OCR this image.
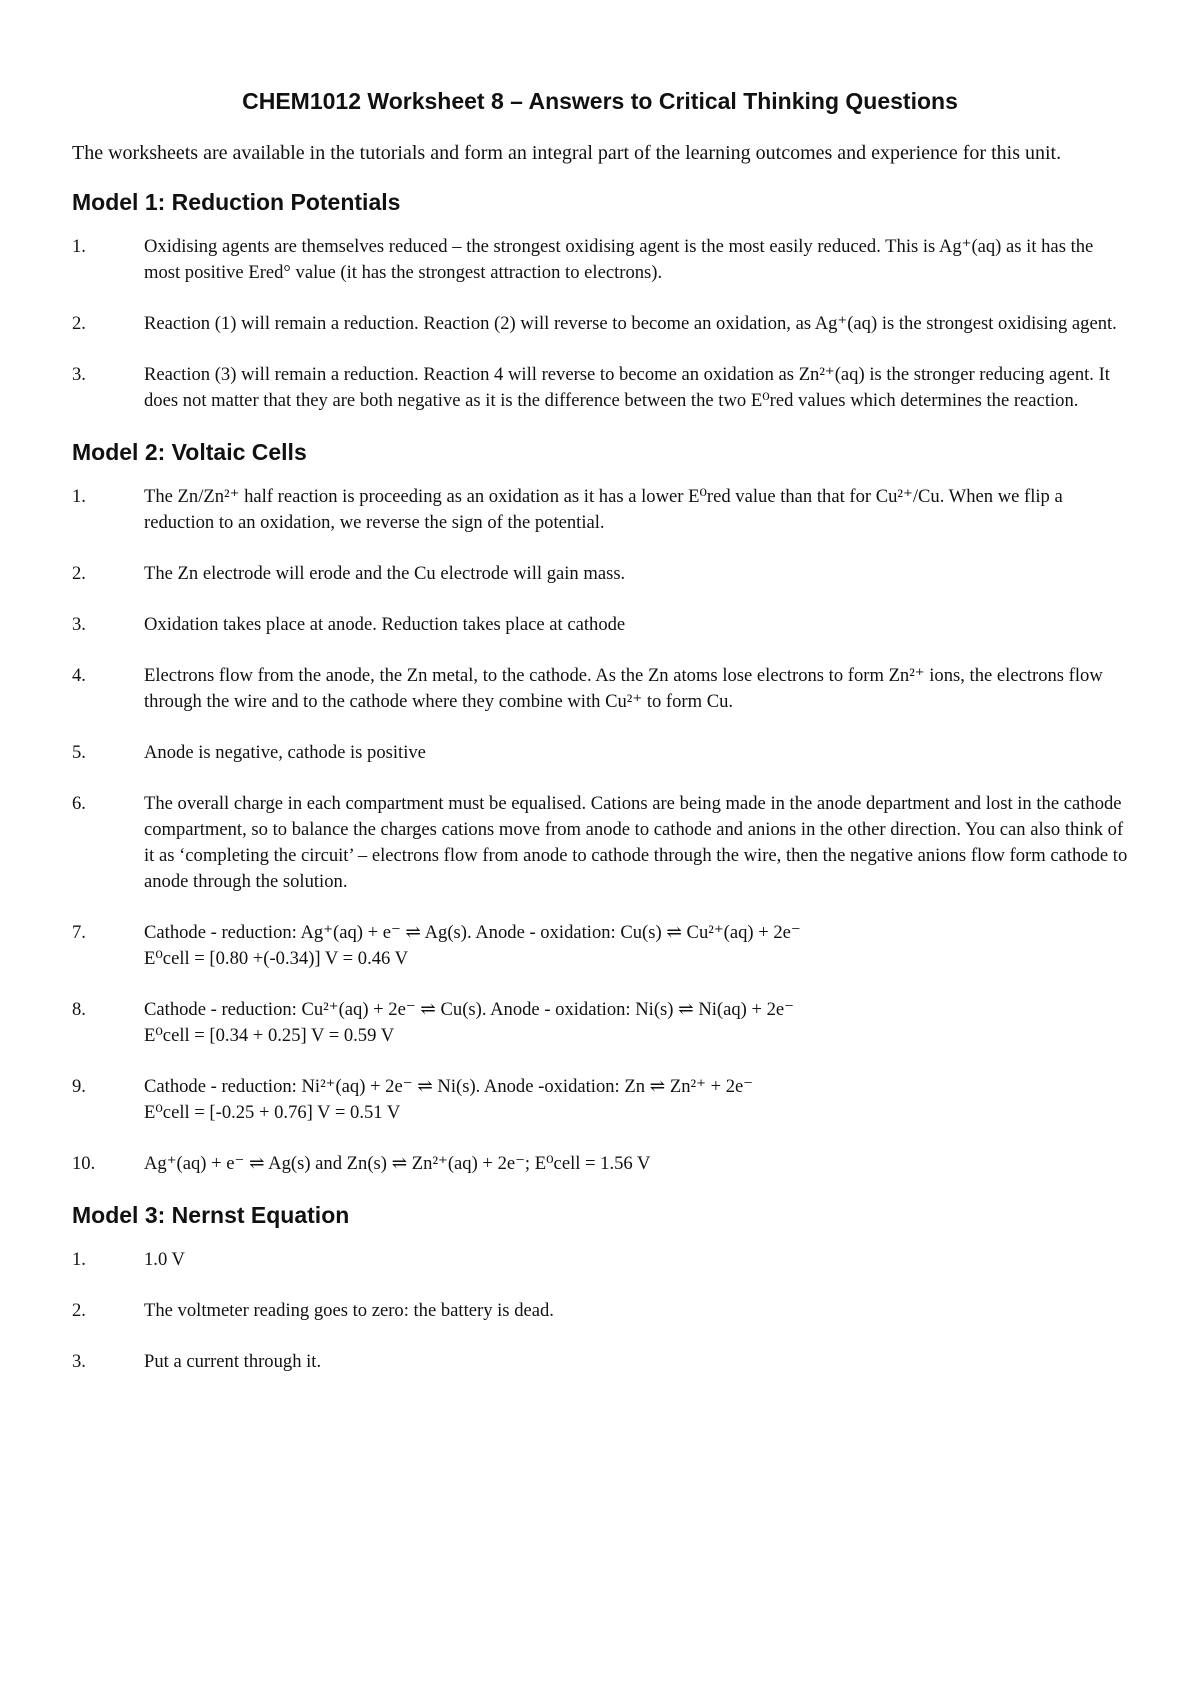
CHEM1012 Worksheet 8 – Answers to Critical Thinking Questions
The worksheets are available in the tutorials and form an integral part of the learning outcomes and experience for this unit.
Model 1: Reduction Potentials
1.	Oxidising agents are themselves reduced – the strongest oxidising agent is the most easily reduced. This is Ag⁺(aq) as it has the most positive Ered° value (it has the strongest attraction to electrons).
2.	Reaction (1) will remain a reduction. Reaction (2) will reverse to become an oxidation, as Ag⁺(aq) is the strongest oxidising agent.
3.	Reaction (3) will remain a reduction. Reaction 4 will reverse to become an oxidation as Zn²⁺(aq) is the stronger reducing agent. It does not matter that they are both negative as it is the difference between the two E⁰red values which determines the reaction.
Model 2: Voltaic Cells
1.	The Zn/Zn²⁺ half reaction is proceeding as an oxidation as it has a lower E⁰red value than that for Cu²⁺/Cu. When we flip a reduction to an oxidation, we reverse the sign of the potential.
2.	The Zn electrode will erode and the Cu electrode will gain mass.
3.	Oxidation takes place at anode. Reduction takes place at cathode
4.	Electrons flow from the anode, the Zn metal, to the cathode. As the Zn atoms lose electrons to form Zn²⁺ ions, the electrons flow through the wire and to the cathode where they combine with Cu²⁺ to form Cu.
5.	Anode is negative, cathode is positive
6.	The overall charge in each compartment must be equalised. Cations are being made in the anode department and lost in the cathode compartment, so to balance the charges cations move from anode to cathode and anions in the other direction. You can also think of it as ‘completing the circuit’ – electrons flow from anode to cathode through the wire, then the negative anions flow form cathode to anode through the solution.
7.	Cathode - reduction: Ag⁺(aq) + e⁻ ⇌ Ag(s). Anode - oxidation: Cu(s) ⇌ Cu²⁺(aq) + 2e⁻
E⁰cell = [0.80 +(-0.34)] V = 0.46 V
8.	Cathode - reduction: Cu²⁺(aq) + 2e⁻ ⇌ Cu(s). Anode - oxidation: Ni(s) ⇌ Ni(aq) + 2e⁻
E⁰cell = [0.34 + 0.25] V = 0.59 V
9.	Cathode - reduction: Ni²⁺(aq) + 2e⁻ ⇌ Ni(s). Anode -oxidation: Zn ⇌ Zn²⁺ + 2e⁻
E⁰cell = [-0.25 + 0.76] V = 0.51 V
10.	Ag⁺(aq) + e⁻ ⇌ Ag(s) and Zn(s) ⇌ Zn²⁺(aq) + 2e⁻; E⁰cell = 1.56 V
Model 3: Nernst Equation
1.	1.0 V
2.	The voltmeter reading goes to zero: the battery is dead.
3.	Put a current through it.
